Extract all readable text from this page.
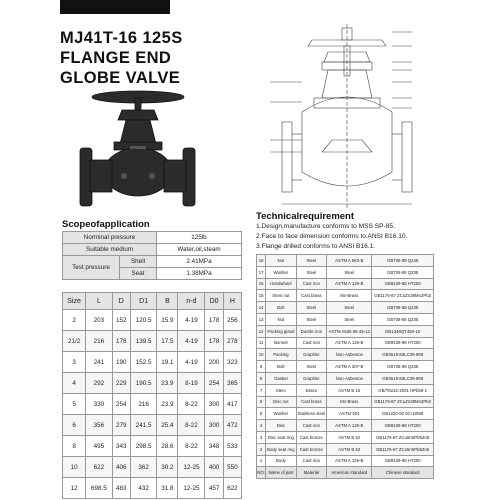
MJ41T-16 125S
FLANGE END
GLOBE VALVE
Scopeofapplication
Norminal pressure		125lb
Suitable medium		Water,oil,steam
Test pressure	Shell	2.41MPa
	Seat	1.38MPa
Size	L	D	D1	B	n-d	D0	H
2	203	152	120.5	15.9	4-19	178	256
21/2	216	178	139.5	17.5	4-19	178	278
3	241	190	152.5	19.1	4-19	200	323
4	292	229	190.5	23.9	8-19	254	365
5	330	254	216	23.9	8-22	300	417
6	356	279	241.5	25.4	8-22	300	472
8	495	343	298.5	28.6	8-22	348	533
10	622	406	362	30.2	12-25	400	550
12	698.5	483	432	31.8	12-25	457	622
Technicalrequirement
1.Design,manufacture conforms to MSS SP-85.
2.Face to face dimension conforms to ANSI B16.10.
3.Flange drilled conforms to ANSI B16.1.
18	Nut	Steel	ASTM A 563-B	GB708-88 Q235
17	Washer	Steel	Steel	GB708-88 Q235
16	Handwheel	Cast iron	ASTM A 126-B	GB9439-88 HT200
15	Stem nut	Cast brass	Mn-Brass	GB1176-87 ZCuZn38Mn2Pb2
14	Bolt	Steel	Steel	GB708-88 Q235
13	Nut	Steel	Steel	GB708-88 Q235
12	Packing gland	Ductile iron	ASTM A536 65-45-12	GB1348QT450-10
11	Bonnet	Cast iron	ASTM A 126-B	GB9439-88 HT200
10	Packing	Graphite	Non-Asbestos	GB3518-83LC35-999
9	Bolt	Steel	ASTM A 307-B	GB708-88 Q235
8	Gasket	Graphite	Non-Asbestos	GB3518-83LC35-999
7	Stem	Brass	ASTM B 16	GB/T5232-2001 HPb59-1
6	Disc nut	Cast brass	Mn-Brass	GB1176-87 ZCuZn38Mn2Pb2
5	Washer	Stainless steel	ASTM 304	GB1220-92 0Cr18Ni9
4	Disc	Cast iron	ASTM A 126-B	GB9439-88 HT200
3	Disc seat ring	Cast bronze	ASTM B 62	GB1176-87 ZCu5n5Pb5Zn5
2	Body seat ring	Cast bronze	ASTM B 62	GB1176-87 ZCu5n5Pb5Zn5
1	Body	Cast iron	ASTM A 126-B	GB9439-88 HT200
NO.	Name of part	Material	American standard	Chinese standard
